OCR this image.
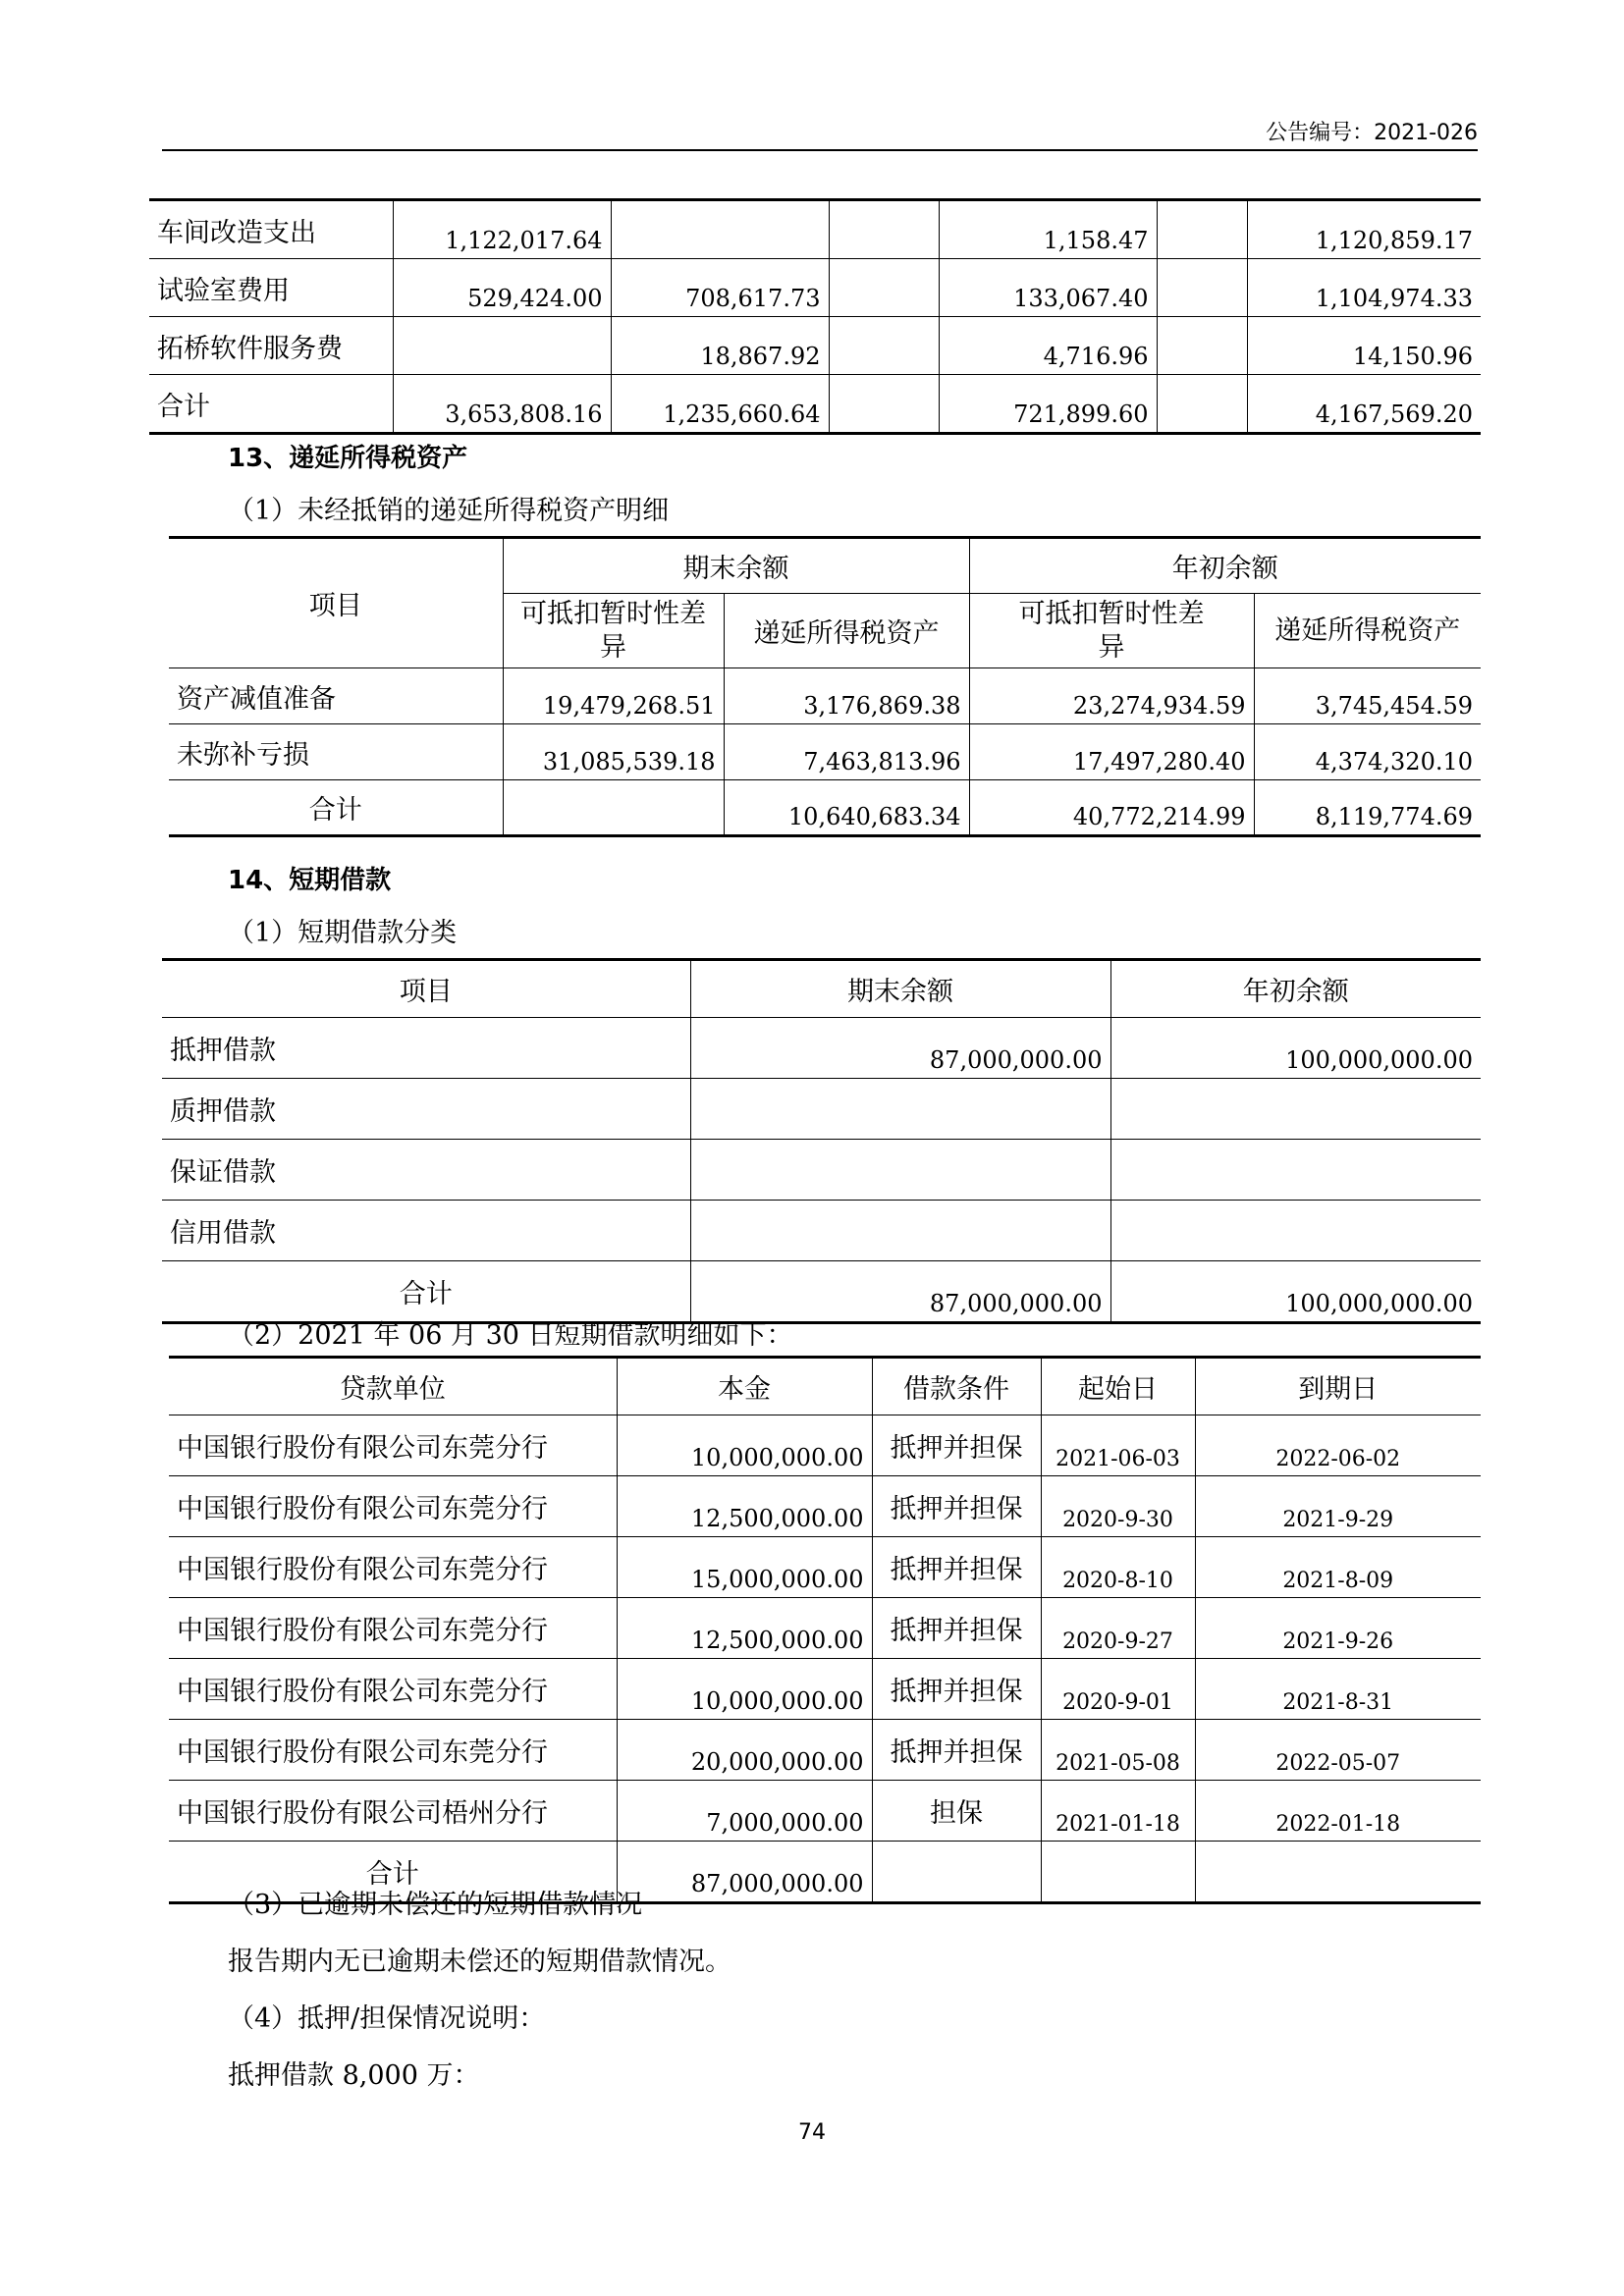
公告编号：2021-026
车间改造支出	1,122,017.64			1,158.47		1,120,859.17
试验室费用	529,424.00	708,617.73		133,067.40		1,104,974.33
拓桥软件服务费		18,867.92		4,716.96		14,150.96
合计	3,653,808.16	1,235,660.64		721,899.60		4,167,569.20
13、递延所得税资产
（1）未经抵销的递延所得税资产明细
项目	期末余额		年初余额	
	可抵扣暂时性差异	递延所得税资产	可抵扣暂时性差异	递延所得税资产
资产减值准备	19,479,268.51	3,176,869.38	23,274,934.59	3,745,454.59
未弥补亏损	31,085,539.18	7,463,813.96	17,497,280.40	4,374,320.10
合计		10,640,683.34	40,772,214.99	8,119,774.69
14、短期借款
（1）短期借款分类
项目	期末余额	年初余额
抵押借款	87,000,000.00	100,000,000.00
质押借款		
保证借款		
信用借款		
合计	87,000,000.00	100,000,000.00
（2）2021 年 06 月 30 日短期借款明细如下：
贷款单位	本金	借款条件	起始日	到期日
中国银行股份有限公司东莞分行	10,000,000.00	抵押并担保	2021-06-03	2022-06-02
中国银行股份有限公司东莞分行	12,500,000.00	抵押并担保	2020-9-30	2021-9-29
中国银行股份有限公司东莞分行	15,000,000.00	抵押并担保	2020-8-10	2021-8-09
中国银行股份有限公司东莞分行	12,500,000.00	抵押并担保	2020-9-27	2021-9-26
中国银行股份有限公司东莞分行	10,000,000.00	抵押并担保	2020-9-01	2021-8-31
中国银行股份有限公司东莞分行	20,000,000.00	抵押并担保	2021-05-08	2022-05-07
中国银行股份有限公司梧州分行	7,000,000.00	担保	2021-01-18	2022-01-18
合计	87,000,000.00			
（3）已逾期未偿还的短期借款情况
报告期内无已逾期未偿还的短期借款情况。
（4）抵押/担保情况说明：
抵押借款 8,000 万：
74
